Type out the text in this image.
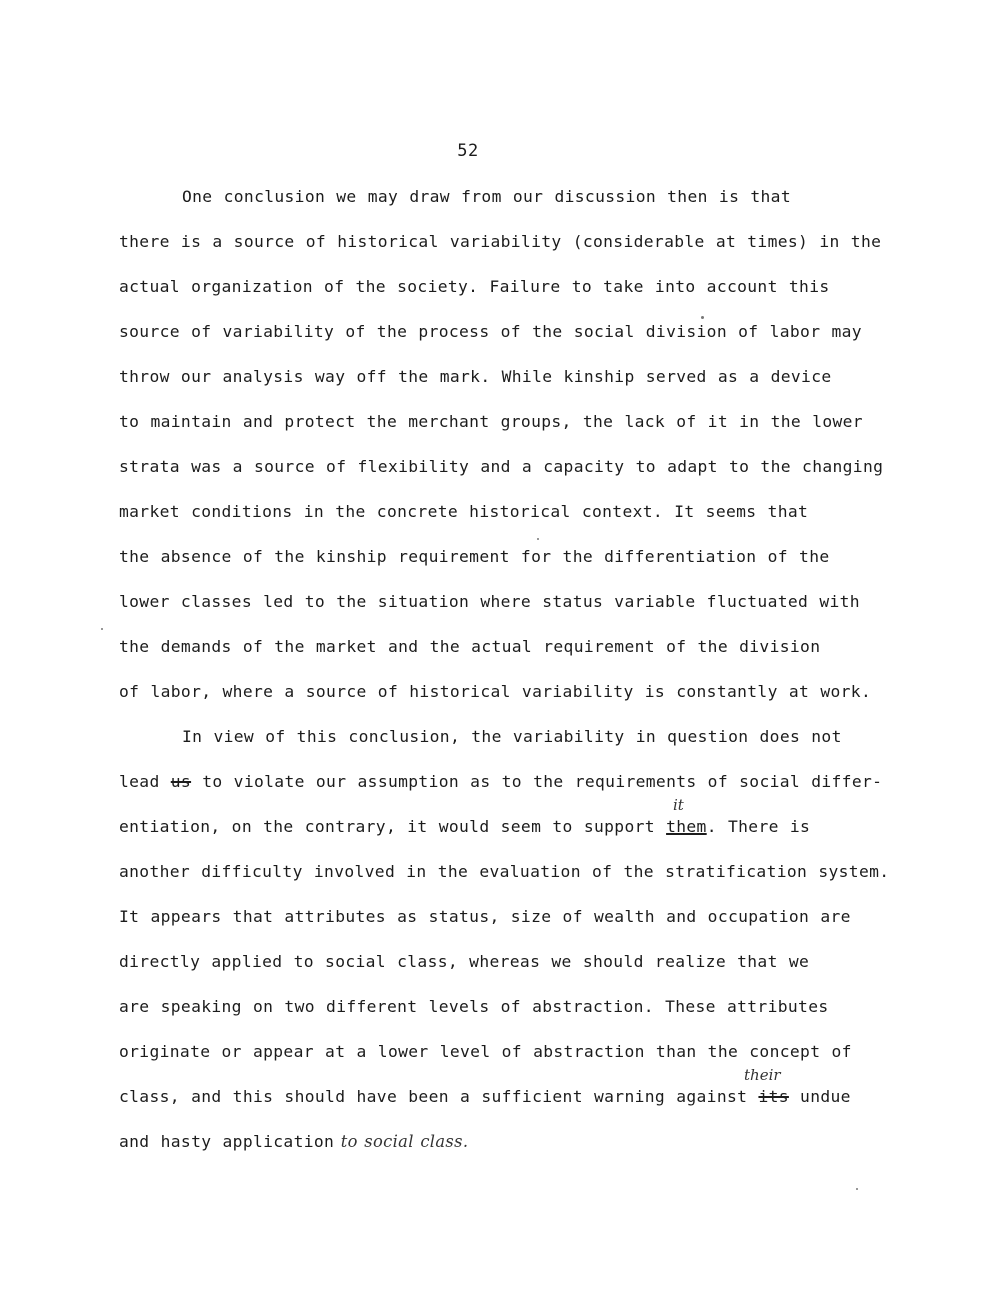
52
One conclusion we may draw from our discussion then is that
there is a source of historical variability (considerable at times) in the
actual organization of the society. Failure to take into account this
source of variability of the process of the social division of labor may
throw our analysis way off the mark. While kinship served as a device
to maintain and protect the merchant groups, the lack of it in the lower
strata was a source of flexibility and a capacity to adapt to the changing
market conditions in the concrete historical context. It seems that
the absence of the kinship requirement for the differentiation of the
lower classes led to the situation where status variable fluctuated with
the demands of the market and the actual requirement of the division
of labor, where a source of historical variability is constantly at work.
In view of this conclusion, the variability in question does not
lead us to violate our assumption as to the requirements of social differ-
it
entiation, on the contrary, it would seem to support them. There is
another difficulty involved in the evaluation of the stratification system.
It appears that attributes as status, size of wealth and occupation are
directly applied to social class, whereas we should realize that we
are speaking on two different levels of abstraction. These attributes
originate or appear at a lower level of abstraction than the concept of
their
class, and this should have been a sufficient warning against its undue
and hasty application to social class.
